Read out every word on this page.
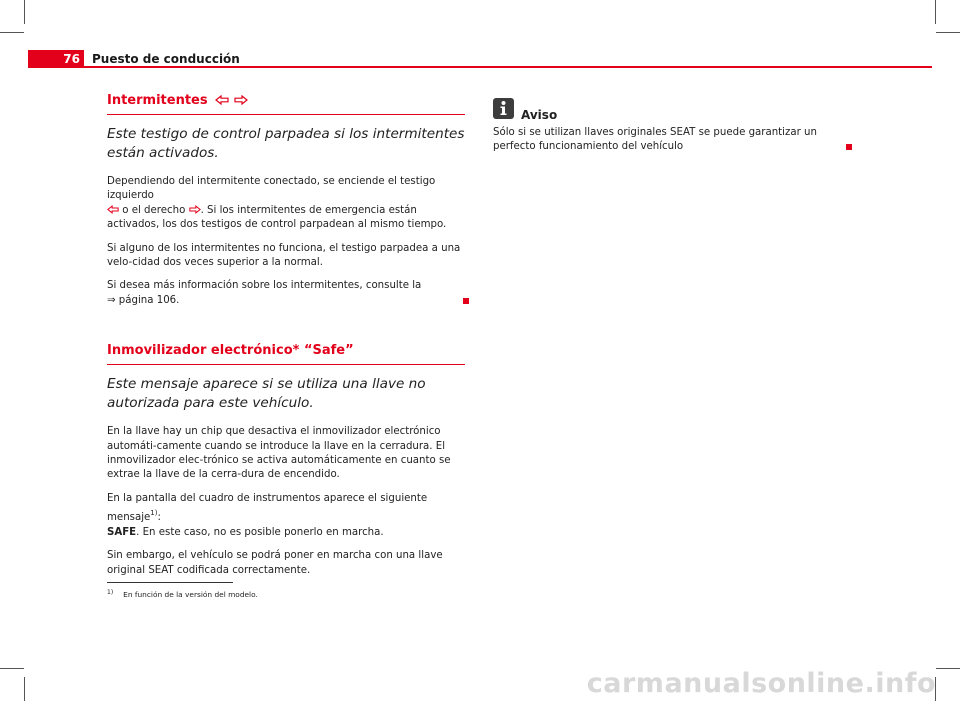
76	Puesto de conducción
Intermitentes

Este testigo de control parpadea si los intermitentes están activados.

Dependiendo del intermitente conectado, se enciende el testigo izquierdo
o el derecho . Si los intermitentes de emergencia están activados, los dos testigos de control parpadean al mismo tiempo.

Si alguno de los intermitentes no funciona, el testigo parpadea a una velo-cidad dos veces superior a la normal.

Si desea más información sobre los intermitentes, consulte la
⇒ página 106.

Inmovilizador electrónico* “Safe”

Este mensaje aparece si se utiliza una llave no autorizada para este vehículo.

En la llave hay un chip que desactiva el inmovilizador electrónico automáti-camente cuando se introduce la llave en la cerradura. El inmovilizador elec-trónico se activa automáticamente en cuanto se extrae la llave de la cerra-dura de encendido.

En la pantalla del cuadro de instrumentos aparece el siguiente mensaje$^{1)}$:
SAFE. En este caso, no es posible ponerlo en marcha.

Sin embargo, el vehículo se podrá poner en marcha con una llave original SEAT codificada correctamente.

Aviso
Sólo si se utilizan llaves originales SEAT se puede garantizar un perfecto funcionamiento del vehículo
$^{1)}$ En función de la versión del modelo.
carmanualsonline.info
